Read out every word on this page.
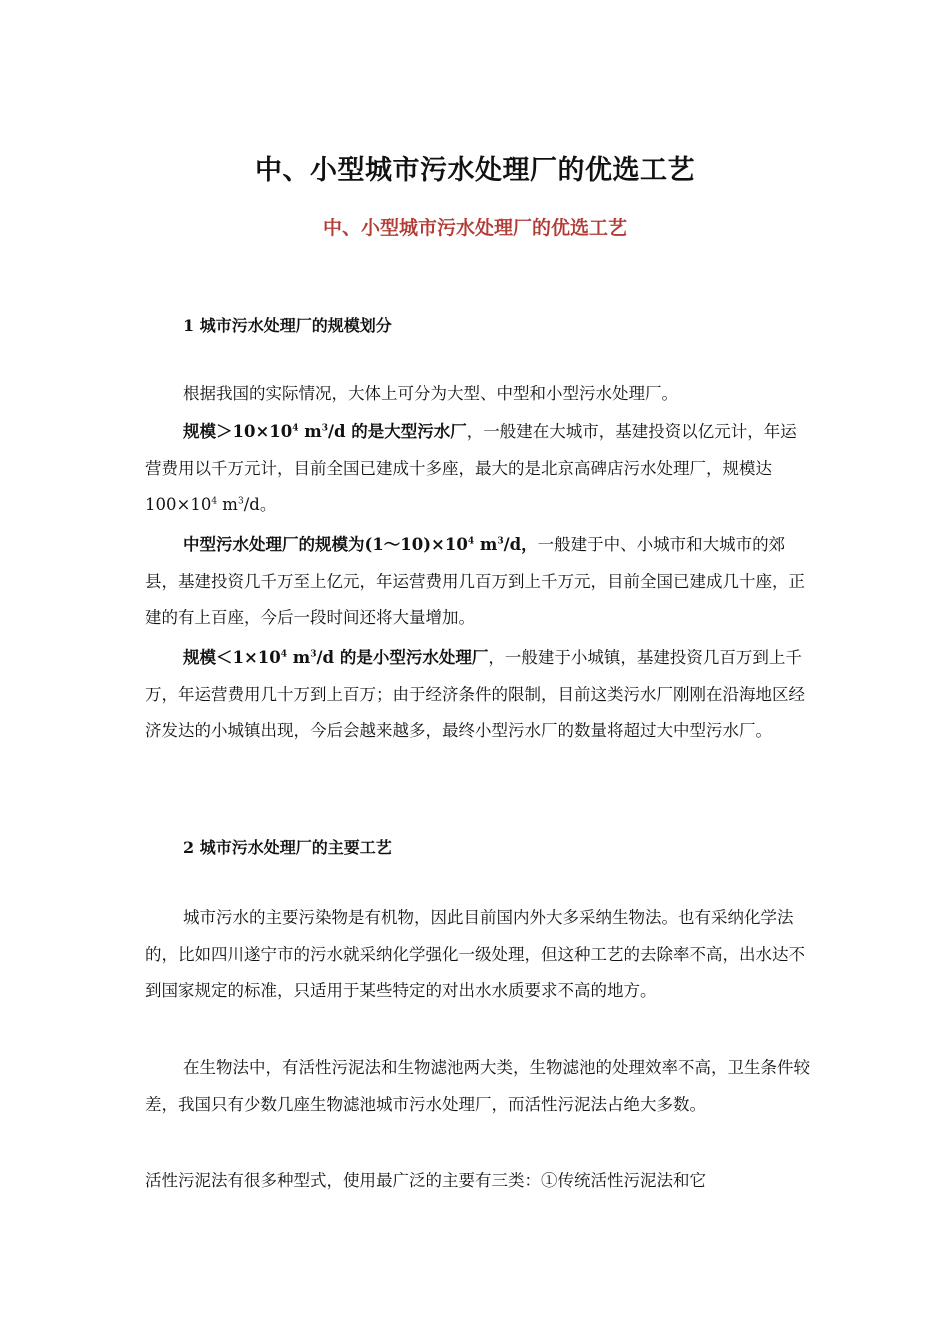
中、小型城市污水处理厂的优选工艺
中、小型城市污水处理厂的优选工艺
1 城市污水处理厂的规模划分

根据我国的实际情况，大体上可分为大型、中型和小型污水处理厂。

规模$>10\times 10^4$ $m^3/d$ 的是大型污水厂，一般建在大城市，基建投资以亿元计，年运营费用以千万元计，目前全国已建成十多座，最大的是北京高碑店污水处理厂，规模达 $100\times 10^4$ $m^3/d$。

中型污水处理厂的规模为$(1\sim 10)\times 10^4$ $m^3/d$，一般建于中、小城市和大城市的郊县，基建投资几千万至上亿元，年运营费用几百万到上千万元，目前全国已建成几十座，正建的有上百座，今后一段时间还将大量增加。

规模$<1\times 10^4$ $m^3/d$ 的是小型污水处理厂，一般建于小城镇，基建投资几百万到上千万，年运营费用几十万到上百万；由于经济条件的限制，目前这类污水厂刚刚在沿海地区经济发达的小城镇出现，今后会越来越多，最终小型污水厂的数量将超过大中型污水厂。

2 城市污水处理厂的主要工艺

城市污水的主要污染物是有机物，因此目前国内外大多采纳生物法。也有采纳化学法的，比如四川遂宁市的污水就采纳化学强化一级处理，但这种工艺的去除率不高，出水达不到国家规定的标准，只适用于某些特定的对出水水质要求不高的地方。

在生物法中，有活性污泥法和生物滤池两大类，生物滤池的处理效率不高，卫生条件较差，我国只有少数几座生物滤池城市污水处理厂，而活性污泥法占绝大多数。

活性污泥法有很多种型式，使用最广泛的主要有三类：①传统活性污泥法和它
